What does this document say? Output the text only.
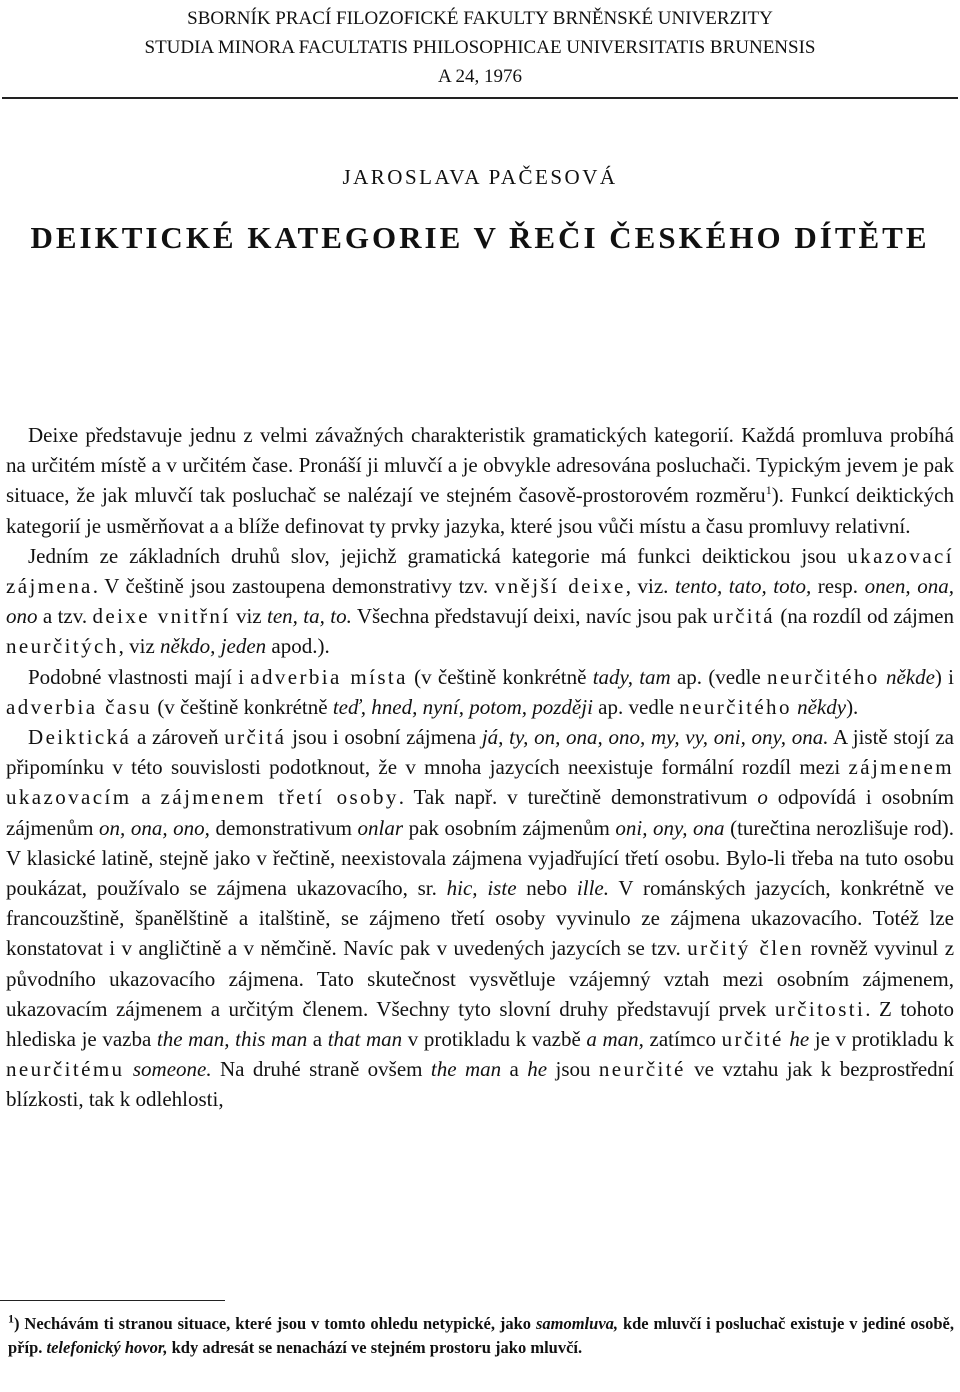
SBORNÍK PRACÍ FILOZOFICKÉ FAKULTY BRNĚNSKÉ UNIVERZITY
STUDIA MINORA FACULTATIS PHILOSOPHICAE UNIVERSITATIS BRUNENSIS
A 24, 1976
JAROSLAVA PAČESOVÁ
DEIKTICKÉ KATEGORIE V ŘEČI ČESKÉHO DÍTĚTE

Deixe představuje jednu z velmi závažných charakteristik gramatických kategorií. Každá promluva probíhá na určitém místě a v určitém čase. Pronáší ji mluvčí a je obvykle adresována posluchači. Typickým jevem je pak situace, že jak mluvčí tak posluchač se nalézají ve stejném časově-prostorovém rozměru$^1$). Funkcí deiktických kategorií je usměrňovat a a blíže definovat ty prvky jazyka, které jsou vůči místu a času promluvy relativní.

Jedním ze základních druhů slov, jejichž gramatická kategorie má funkci deiktickou jsou ukazovací zájmena. V češtině jsou zastoupena demonstrativy tzv. vnější deixe, viz. tento, tato, toto, resp. onen, ona, ono a tzv. deixe vnitřní viz ten, ta, to. Všechna představují deixi, navíc jsou pak určitá (na rozdíl od zájmen neurčitých, viz někdo, jeden apod.).

Podobné vlastnosti mají i adverbia místa (v češtině konkrétně tady, tam ap. (vedle neurčitého někde) i adverbia času (v češtině konkrétně teď, hned, nyní, potom, později ap. vedle neurčitého někdy).

Deiktická a zároveň určitá jsou i osobní zájmena já, ty, on, ona, ono, my, vy, oni, ony, ona. A jistě stojí za připomínku v této souvislosti podotknout, že v mnoha jazycích neexistuje formální rozdíl mezi zájmenem ukazovacím a zájmenem třetí osoby. Tak např. v turečtině demonstrativum o odpovídá i osobním zájmenům on, ona, ono, demonstrativum onlar pak osobním zájmenům oni, ony, ona (turečtina nerozlišuje rod). V klasické latině, stejně jako v řečtině, neexistovala zájmena vyjadřující třetí osobu. Bylo-li třeba na tuto osobu poukázat, používalo se zájmena ukazovacího, sr. hic, iste nebo ille. V románských jazycích, konkrétně ve francouzštině, španělštině a italštině, se zájmeno třetí osoby vyvinulo ze zájmena ukazovacího. Totéž lze konstatovat i v angličtině a v němčině. Navíc pak v uvedených jazycích se tzv. určitý člen rovněž vyvinul z původního ukazovacího zájmena. Tato skutečnost vysvětluje vzájemný vztah mezi osobním zájmenem, ukazovacím zájmenem a určitým členem. Všechny tyto slovní druhy představují prvek určitosti. Z tohoto hlediska je vazba the man, this man a that man v protikladu k vazbě a man, zatímco určité he je v protikladu k neurčitému someone. Na druhé straně ovšem the man a he jsou neurčité ve vztahu jak k bezprostřední blízkosti, tak k odlehlosti,

$^1$) Nechávám ti stranou situace, které jsou v tomto ohledu netypické, jako samomluva, kde mluvčí i posluchač existuje v jediné osobě, příp. telefonický hovor, kdy adresát se nenachází ve stejném prostoru jako mluvčí.
